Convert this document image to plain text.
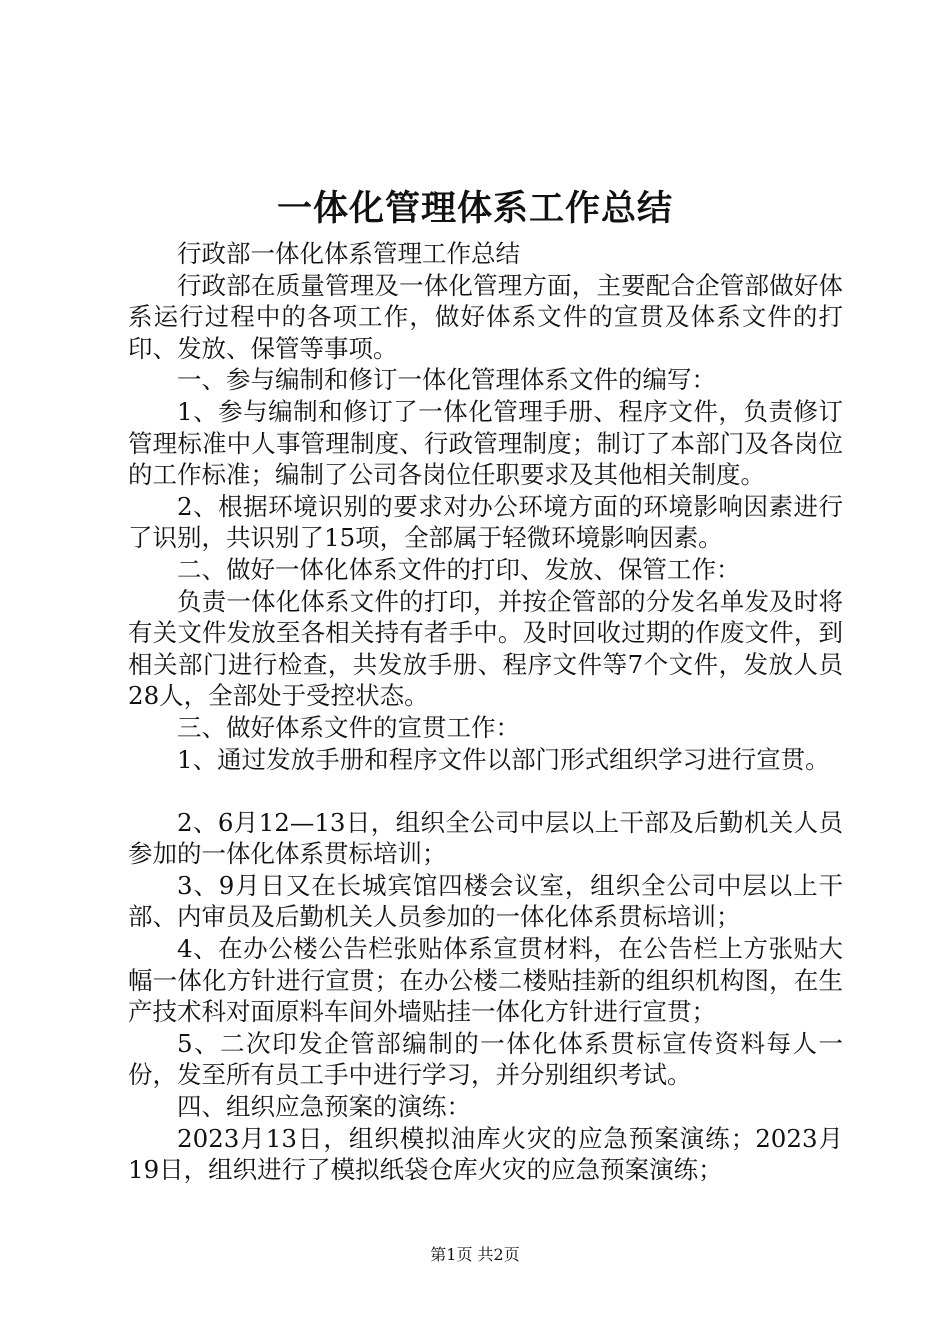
一体化管理体系工作总结

行政部一体化体系管理工作总结

行政部在质量管理及一体化管理方面，主要配合企管部做好体系运行过程中的各项工作，做好体系文件的宣贯及体系文件的打印、发放、保管等事项。

一、参与编制和修订一体化管理体系文件的编写：

1、参与编制和修订了一体化管理手册、程序文件，负责修订管理标准中人事管理制度、行政管理制度；制订了本部门及各岗位的工作标准；编制了公司各岗位任职要求及其他相关制度。

2、根据环境识别的要求对办公环境方面的环境影响因素进行了识别，共识别了15项，全部属于轻微环境影响因素。

二、做好一体化体系文件的打印、发放、保管工作：

负责一体化体系文件的打印，并按企管部的分发名单发及时将有关文件发放至各相关持有者手中。及时回收过期的作废文件，到相关部门进行检查，共发放手册、程序文件等7个文件，发放人员28人，全部处于受控状态。

三、做好体系文件的宣贯工作：

1、通过发放手册和程序文件以部门形式组织学习进行宣贯。

2、6月12—13日，组织全公司中层以上干部及后勤机关人员参加的一体化体系贯标培训；

3、9月日又在长城宾馆四楼会议室，组织全公司中层以上干部、内审员及后勤机关人员参加的一体化体系贯标培训；

4、在办公楼公告栏张贴体系宣贯材料，在公告栏上方张贴大幅一体化方针进行宣贯；在办公楼二楼贴挂新的组织机构图，在生产技术科对面原料车间外墙贴挂一体化方针进行宣贯；

5、二次印发企管部编制的一体化体系贯标宣传资料每人一份，发至所有员工手中进行学习，并分别组织考试。

四、组织应急预案的演练：

2023月13日，组织模拟油库火灾的应急预案演练；2023月19日，组织进行了模拟纸袋仓库火灾的应急预案演练；

第1页 共2页
